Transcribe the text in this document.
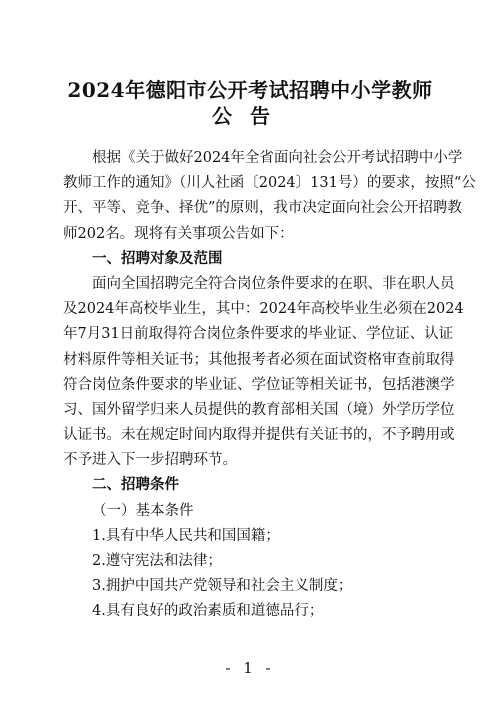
2024年德阳市公开考试招聘中小学教师
公告
根据《关于做好2024年全省面向社会公开考试招聘中小学
教师工作的通知》（川人社函〔2024〕131号）的要求，按照“公
开、平等、竞争、择优”的原则，我市决定面向社会公开招聘教
师202名。现将有关事项公告如下：
一、招聘对象及范围
面向全国招聘完全符合岗位条件要求的在职、非在职人员
及2024年高校毕业生，其中：2024年高校毕业生必须在2024
年7月31日前取得符合岗位条件要求的毕业证、学位证、认证
材料原件等相关证书；其他报考者必须在面试资格审查前取得
符合岗位条件要求的毕业证、学位证等相关证书，包括港澳学
习、国外留学归来人员提供的教育部相关国（境）外学历学位
认证书。未在规定时间内取得并提供有关证书的，不予聘用或
不予进入下一步招聘环节。
二、招聘条件
（一）基本条件
1.具有中华人民共和国国籍；
2.遵守宪法和法律；
3.拥护中国共产党领导和社会主义制度；
4.具有良好的政治素质和道德品行；
- 1 -
